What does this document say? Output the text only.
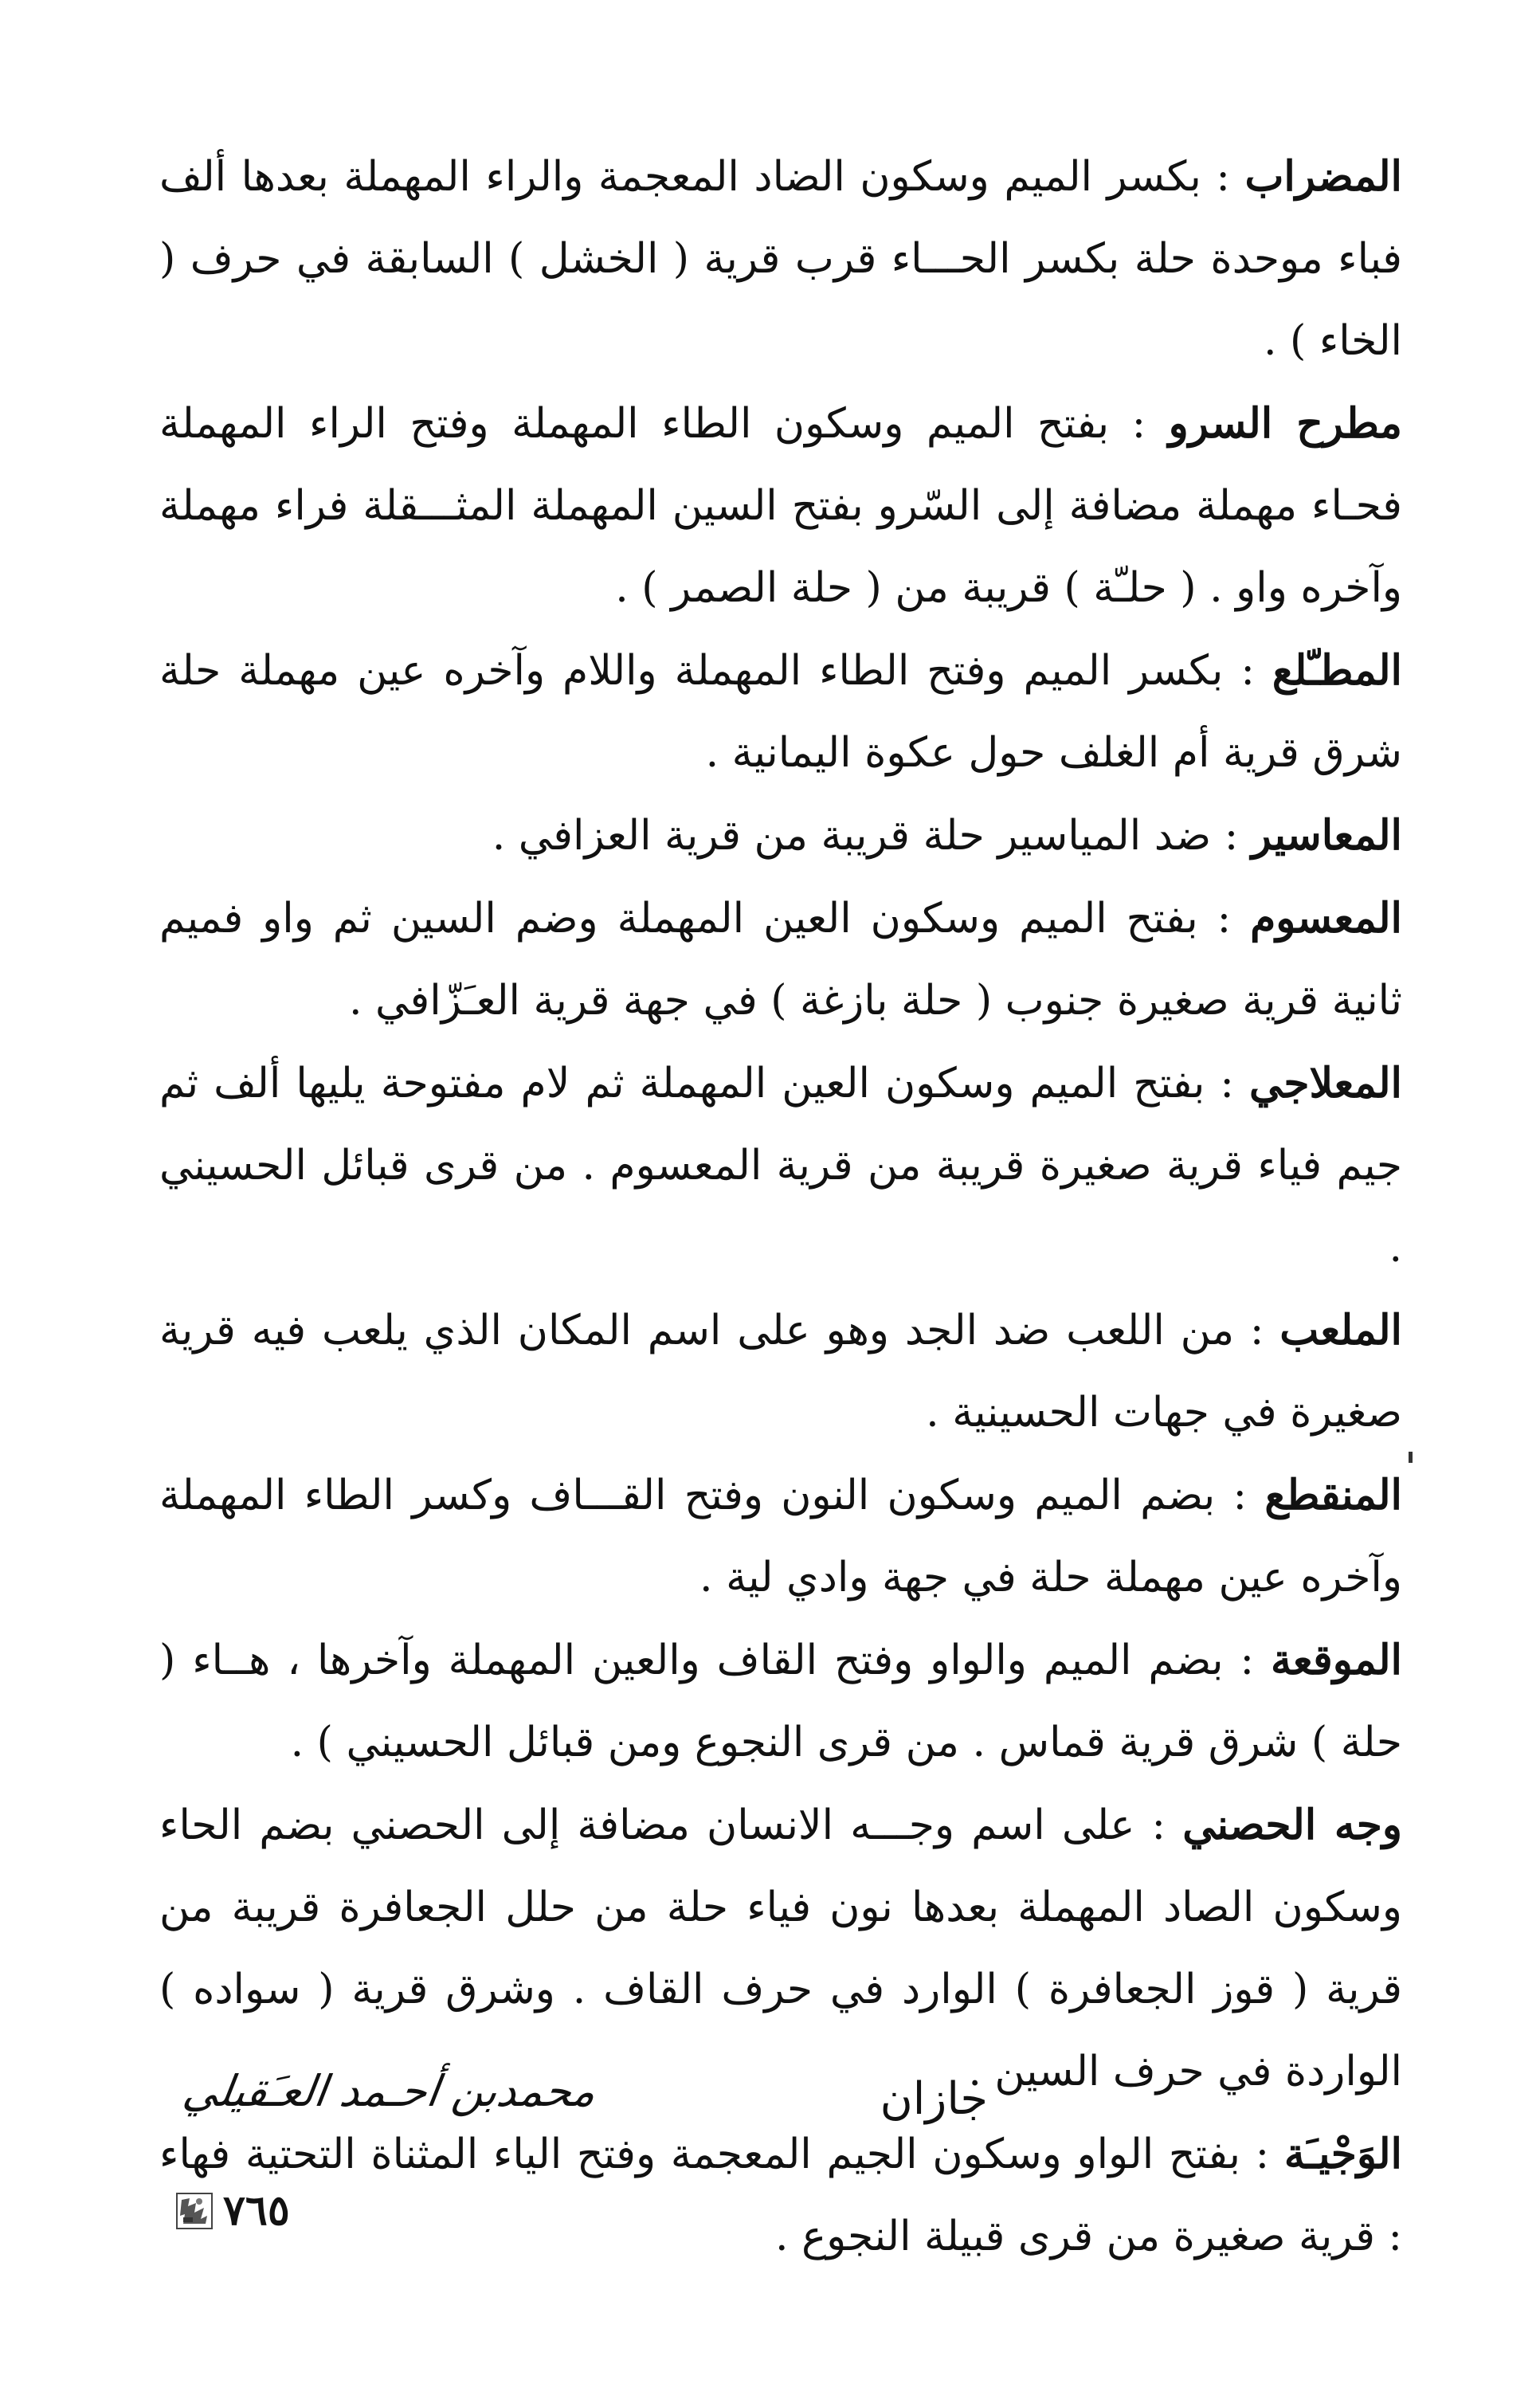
المضراب : بكسر الميم وسكون الضاد المعجمة والراء المهملة بعدها ألف فباء موحدة حلة بكسر الحـــاء قرب قرية ( الخشل ) السابقة في حرف ( الخاء ) .

مطرح السرو : بفتح الميم وسكون الطاء المهملة وفتح الراء المهملة فحـاء مهملة مضافة إلى السّرو بفتح السين المهملة المثـــقلة فراء مهملة وآخره واو . ( حلـّة ) قريبة من ( حلة الصمر ) .

المطـّلع : بكسر الميم وفتح الطاء المهملة واللام وآخره عين مهملة حلة شرق قرية أم الغلف حول عكوة اليمانية .

المعاسير : ضد المياسير حلة قريبة من قرية العزافي .

المعسوم : بفتح الميم وسكون العين المهملة وضم السين ثم واو فميم ثانية قرية صغيرة جنوب ( حلة بازغة ) في جهة قرية العـَزّافي .

المعلاجي : بفتح الميم وسكون العين المهملة ثم لام مفتوحة يليها ألف ثم جيم فياء قرية صغيرة قريبة من قرية المعسوم . من قرى قبائل الحسيني .

الملعب : من اللعب ضد الجد وهو على اسم المكان الذي يلعب فيه قرية صغيرة في جهات الحسينية .

المنقطع : بضم الميم وسكون النون وفتح القـــاف وكسر الطاء المهملة وآخره عين مهملة حلة في جهة وادي لية .

الموقعة : بضم الميم والواو وفتح القاف والعين المهملة وآخرها ، هــاء ( حلة ) شرق قرية قماس . من قرى النجوع ومن قبائل الحسيني ) .

وجه الحصني : على اسم وجـــه الانسان مضافة إلى الحصني بضم الحاء وسكون الصاد المهملة بعدها نون فياء حلة من حلل الجعافرة قريبة من قرية ( قوز الجعافرة ) الوارد في حرف القاف . وشرق قرية ( سواده ) الواردة في حرف السين .

الوَجْيـَة : بفتح الواو وسكون الجيم المعجمة وفتح الياء المثناة التحتية فهاء : قرية صغيرة من قرى قبيلة النجوع .

جازان
محمدبن أحـمد العـَقيلي
٧٦٥
